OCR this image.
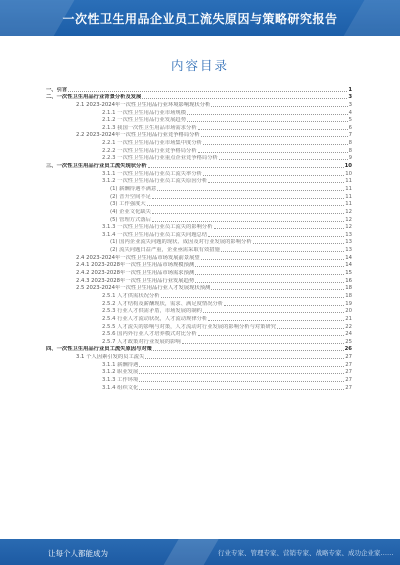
一次性卫生用品企业员工流失原因与策略研究报告
内容目录
一、引言	1
二、一次性卫生用品行业背景分析及发展	3
2.1 2023-2024年一次性卫生用品行业环境影响现状分析	3
2.1.1 一次性卫生用品行业市场规模	4
2.1.2 一次性卫生用品行业发展趋势	5
2.1.3 我国一次性卫生用品市场需求分析	6
2.2 2023-2024年一次性卫生用品行业竞争格局分析	7
2.2.1 一次性卫生用品行业市场集中度分析	8
2.2.2 一次性卫生用品行业竞争格局分析	8
2.2.3 一次性卫生用品行业重点企业竞争格局分析	9
三、一次性卫生用品行业员工流失现状分析	10
3.1.1 一次性卫生用品行业员工流失率分析	10
3.1.2 一次性卫生用品行业员工流失原因分析	11
(1) 薪酬待遇不满意	11
(2) 晋升空间不足	11
(3) 工作强度大	11
(4) 企业文化缺失	12
(5) 管理方式落后	12
3.1.3 一次性卫生用品行业员工流失的影响分析	12
3.1.4 一次性卫生用品行业员工流失问题总结	13
(1) 国内企业流失问题的现状、成因及对行业发展的影响分析	13
(2) 流失问题日益严重，企业亟需采取有效措施	13
2.4 2023-2024年一次性卫生用品市场发展前景展望	14
2.4.1 2023-2028年一次性卫生用品市场规模预测	14
2.4.2 2023-2028年一次性卫生用品市场需求预测	15
2.4.3 2023-2028年一次性卫生用品行业发展趋势	16
2.5 2023-2024年一次性卫生用品行业人才发展现状预测	18
2.5.1 人才供需状况分析	18
2.5.2 人才结构及薪酬现状，需求、满足度情况分析	19
2.5.3 行业人才供需矛盾，市场发展的制约	20
2.5.4 行业人才流动状况，人才流动规律分析	21
2.5.5 人才流失的影响与对策，人才流动对行业发展的影响分析与对策研究	22
2.5.6 国内外行业人才培养模式对比分析	24
2.5.7 人才政策对行业发展的影响	25
四、一次性卫生用品行业员工流失原因与对策	26
3.1 个人因素引发的员工流失	27
3.1.1 薪酬待遇	27
3.1.2 职业发展	27
3.1.3 工作环境	27
3.1.4 组织文化	27
让每个人都能成为	行业专家、管理专家、营销专家、战略专家、成功企业家……
